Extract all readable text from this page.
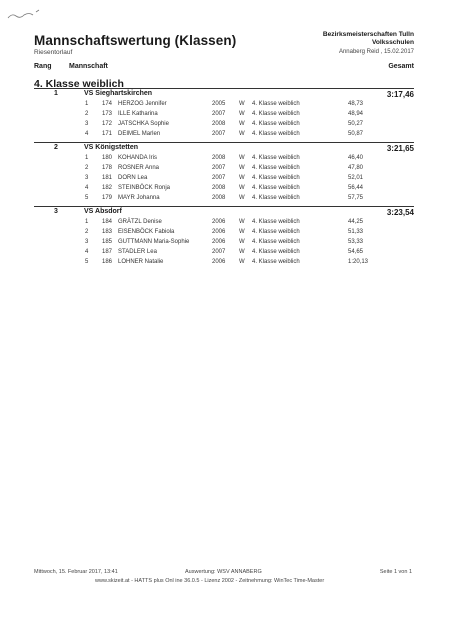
Mannschaftswertung (Klassen)
Riesentorlauf
Bezirksmeisterschaften Tulln
Volksschulen
Annaberg Reid , 15.02.2017
Rang	Mannschaft	Gesamt
4. Klasse weiblich
1	VS Sieghartskirchen	3:17,46
1	174 HERZOG Jennifer	2005 W 4. Klasse weiblich	48,73
2	173 ILLE Katharina	2007 W 4. Klasse weiblich	48,94
3	172 JATSCHKA Sophie	2008 W 4. Klasse weiblich	50,27
4	171 DEIMEL Marlen	2007 W 4. Klasse weiblich	50,87
2	VS Königstetten	3:21,65
1	180 KOHANDA Iris	2008 W 4. Klasse weiblich	46,40
2	178 ROSNER Anna	2007 W 4. Klasse weiblich	47,80
3	181 DORN Lea	2007 W 4. Klasse weiblich	52,01
4	182 STEINBÖCK Ronja	2008 W 4. Klasse weiblich	56,44
5	179 MAYR Johanna	2008 W 4. Klasse weiblich	57,75
3	VS Absdorf	3:23,54
1	184 GRÄTZL Denise	2006 W 4. Klasse weiblich	44,25
2	183 EISENBÖCK Fabiola	2006 W 4. Klasse weiblich	51,33
3	185 GUTTMANN Maria-Sophie	2006 W 4. Klasse weiblich	53,33
4	187 STADLER Lea	2007 W 4. Klasse weiblich	54,65
5	186 LOHNER Natalie	2006 W 4. Klasse weiblich	1:20,13
Mittwoch, 15. Februar 2017, 13:41	Auswertung: WSV ANNABERG	Seite 1 von 1
www.skizeit.at - HATTS plus Onl ine 36.0.5 - Lizenz 2002 - Zeitnehmung: WinTec Time-Master
